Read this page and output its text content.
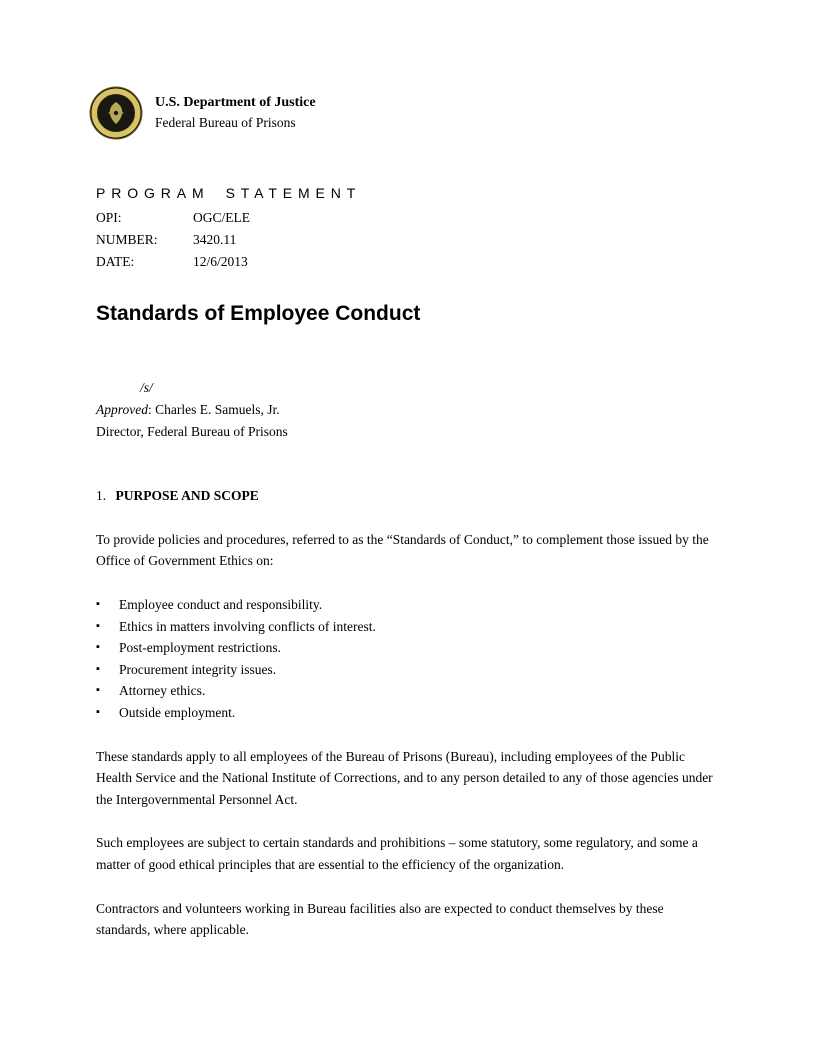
U.S. Department of Justice
Federal Bureau of Prisons
PROGRAM STATEMENT
OPI:	OGC/ELE
NUMBER:	3420.11
DATE:	12/6/2013
Standards of Employee Conduct
/s/
Approved: Charles E. Samuels, Jr.
Director, Federal Bureau of Prisons
1. PURPOSE AND SCOPE

To provide policies and procedures, referred to as the “Standards of Conduct,” to complement those issued by the Office of Government Ethics on:

▪	Employee conduct and responsibility.
▪	Ethics in matters involving conflicts of interest.
▪	Post-employment restrictions.
▪	Procurement integrity issues.
▪	Attorney ethics.
▪	Outside employment.

These standards apply to all employees of the Bureau of Prisons (Bureau), including employees of the Public Health Service and the National Institute of Corrections, and to any person detailed to any of those agencies under the Intergovernmental Personnel Act.

Such employees are subject to certain standards and prohibitions – some statutory, some regulatory, and some a matter of good ethical principles that are essential to the efficiency of the organization.

Contractors and volunteers working in Bureau facilities also are expected to conduct themselves by these standards, where applicable.
